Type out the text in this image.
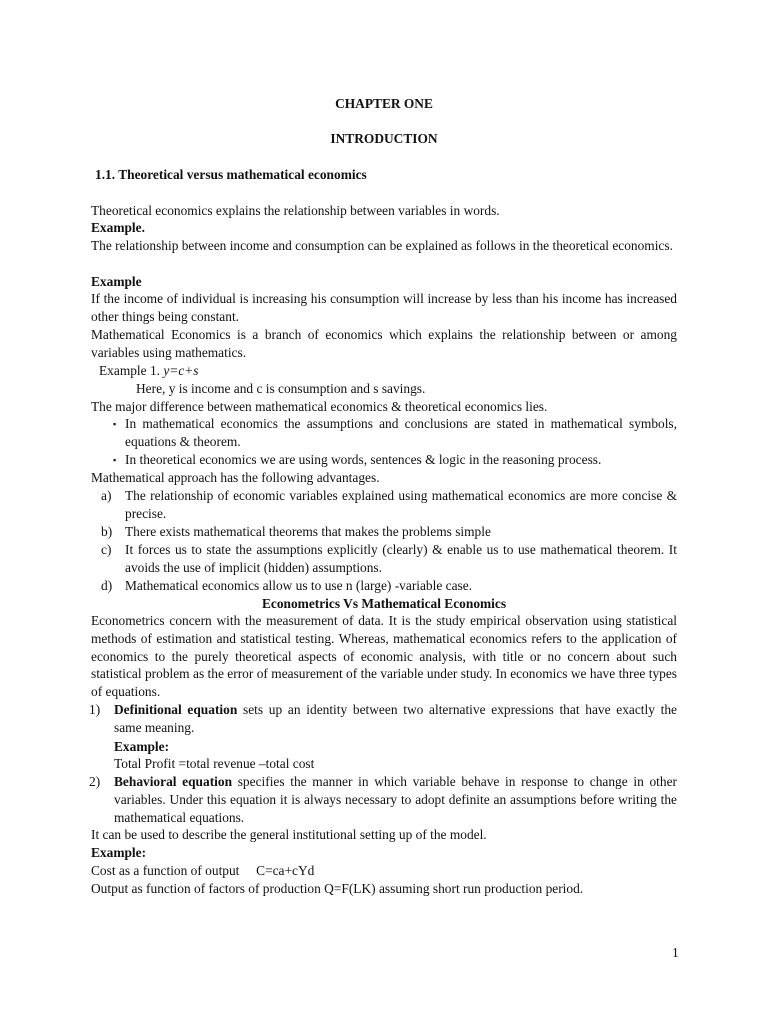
CHAPTER ONE
INTRODUCTION
1.1. Theoretical versus mathematical economics
Theoretical economics explains the relationship between variables in words.
Example.
The relationship between income and consumption can be explained as follows in the theoretical economics.
Example
If the income of individual is increasing his consumption will increase by less than his income has increased other things being constant.
Mathematical Economics is a branch of economics which explains the relationship between or among variables using mathematics.
Example 1. y=c+s
Here, y is income and c is consumption and s savings.
The major difference between mathematical economics & theoretical economics lies.
▪ In mathematical economics the assumptions and conclusions are stated in mathematical symbols, equations & theorem.
▪ In theoretical economics we are using words, sentences & logic in the reasoning process.
Mathematical approach has the following advantages.
a) The relationship of economic variables explained using mathematical economics are more concise & precise.
b) There exists mathematical theorems that makes the problems simple
c) It forces us to state the assumptions explicitly (clearly) & enable us to use mathematical theorem. It avoids the use of implicit (hidden) assumptions.
d) Mathematical economics allow us to use n (large) -variable case.
Econometrics Vs Mathematical Economics
Econometrics concern with the measurement of data. It is the study empirical observation using statistical methods of estimation and statistical testing. Whereas, mathematical economics refers to the application of economics to the purely theoretical aspects of economic analysis, with title or no concern about such statistical problem as the error of measurement of the variable under study. In economics we have three types of equations.
1) Definitional equation sets up an identity between two alternative expressions that have exactly the same meaning.
Example:
Total Profit =total revenue –total cost
2) Behavioral equation specifies the manner in which variable behave in response to change in other variables. Under this equation it is always necessary to adopt definite an assumptions before writing the mathematical equations.
It can be used to describe the general institutional setting up of the model.
Example:
Cost as a function of output     C=ca+cYd
Output as function of factors of production Q=F(LK) assuming short run production period.
1
